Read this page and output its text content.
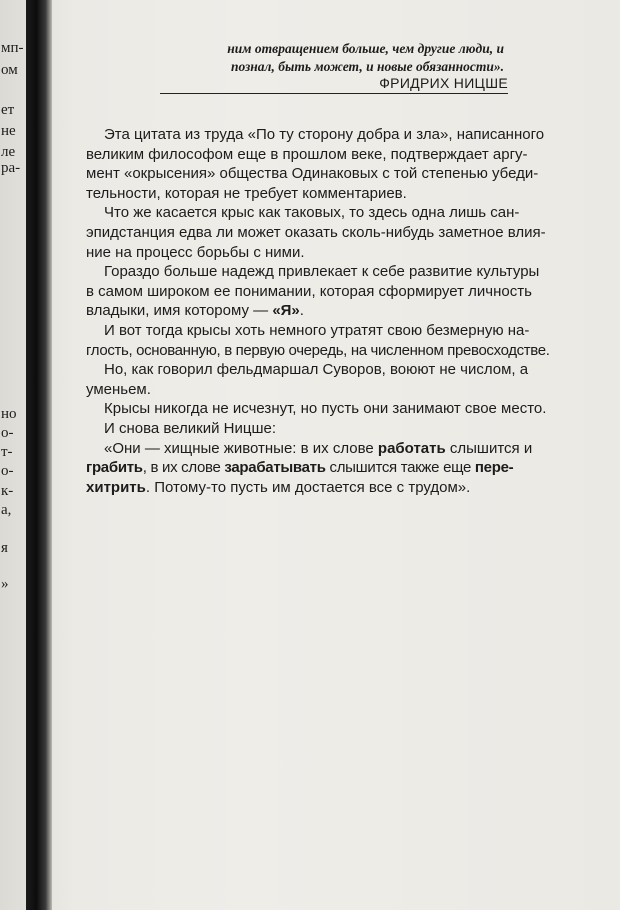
мп-
ом
ет
не
ле
ра-
но
о-
т-
о-
к-
а,
я
»
ним отвращением больше, чем другие люди, и
познал, быть может, и новые обязанности».
ФРИДРИХ НИЦШЕ
Эта цитата из труда «По ту сторону добра и зла», написанного
великим философом еще в прошлом веке, подтверждает аргу-
мент «окрысения» общества Одинаковых с той степенью убеди-
тельности, которая не требует комментариев.
Что же касается крыс как таковых, то здесь одна лишь сан-
эпидстанция едва ли может оказать сколь-нибудь заметное влия-
ние на процесс борьбы с ними.
Гораздо больше надежд привлекает к себе развитие культуры
в самом широком ее понимании, которая сформирует личность
владыки, имя которому — «Я».
И вот тогда крысы хоть немного утратят свою безмерную на-
глость, основанную, в первую очередь, на численном превосходстве.
Но, как говорил фельдмаршал Суворов, воюют не числом, а
уменьем.
Крысы никогда не исчезнут, но пусть они занимают свое место.
И снова великий Ницше:
«Они — хищные животные: в их слове работать слышится и
грабить, в их слове зарабатывать слышится также еще пере-
хитрить. Потому-то пусть им достается все с трудом».
